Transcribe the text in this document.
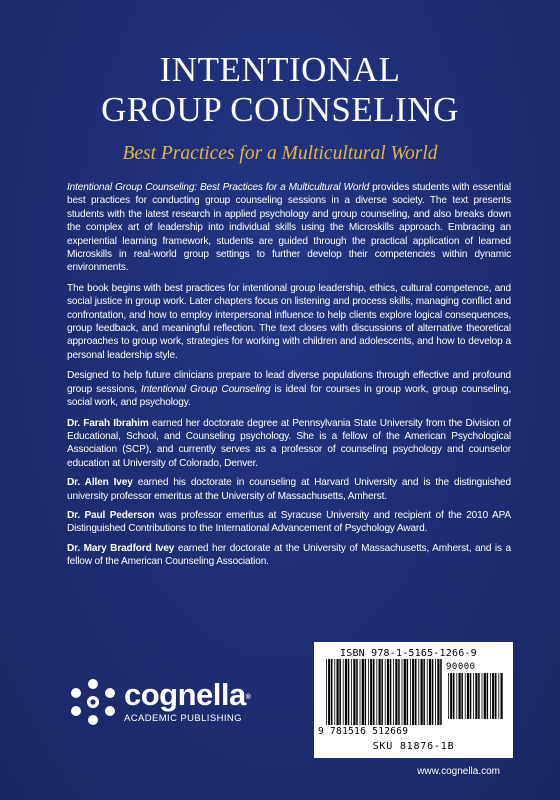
INTENTIONAL
GROUP COUNSELING
Best Practices for a Multicultural World

Intentional Group Counseling: Best Practices for a Multicultural World provides students with essential best practices for conducting group counseling sessions in a diverse society. The text presents students with the latest research in applied psychology and group counseling, and also breaks down the complex art of leadership into individual skills using the Microskills approach. Embracing an experiential learning framework, students are guided through the practical application of learned Microskills in real-world group settings to further develop their competencies within dynamic environments.

The book begins with best practices for intentional group leadership, ethics, cultural competence, and social justice in group work. Later chapters focus on listening and process skills, managing conflict and confrontation, and how to employ interpersonal influence to help clients explore logical consequences, group feedback, and meaningful reflection. The text closes with discussions of alternative theoretical approaches to group work, strategies for working with children and adolescents, and how to develop a personal leadership style.

Designed to help future clinicians prepare to lead diverse populations through effective and profound group sessions, Intentional Group Counseling is ideal for courses in group work, group counseling, social work, and psychology.

Dr. Farah Ibrahim earned her doctorate degree at Pennsylvania State University from the Division of Educational, School, and Counseling psychology. She is a fellow of the American Psychological Association (SCP), and currently serves as a professor of counseling psychology and counselor education at University of Colorado, Denver.

Dr. Allen Ivey earned his doctorate in counseling at Harvard University and is the distinguished university professor emeritus at the University of Massachusetts, Amherst.

Dr. Paul Pederson was professor emeritus at Syracuse University and recipient of the 2010 APA Distinguished Contributions to the International Advancement of Psychology Award.

Dr. Mary Bradford Ivey earned her doctorate at the University of Massachusetts, Amherst, and is a fellow of the American Counseling Association.

cognella®
ACADEMIC PUBLISHING
ISBN 978-1-5165-1266-9
90000
9 781516 512669
SKU 81876-1B
www.cognella.com
